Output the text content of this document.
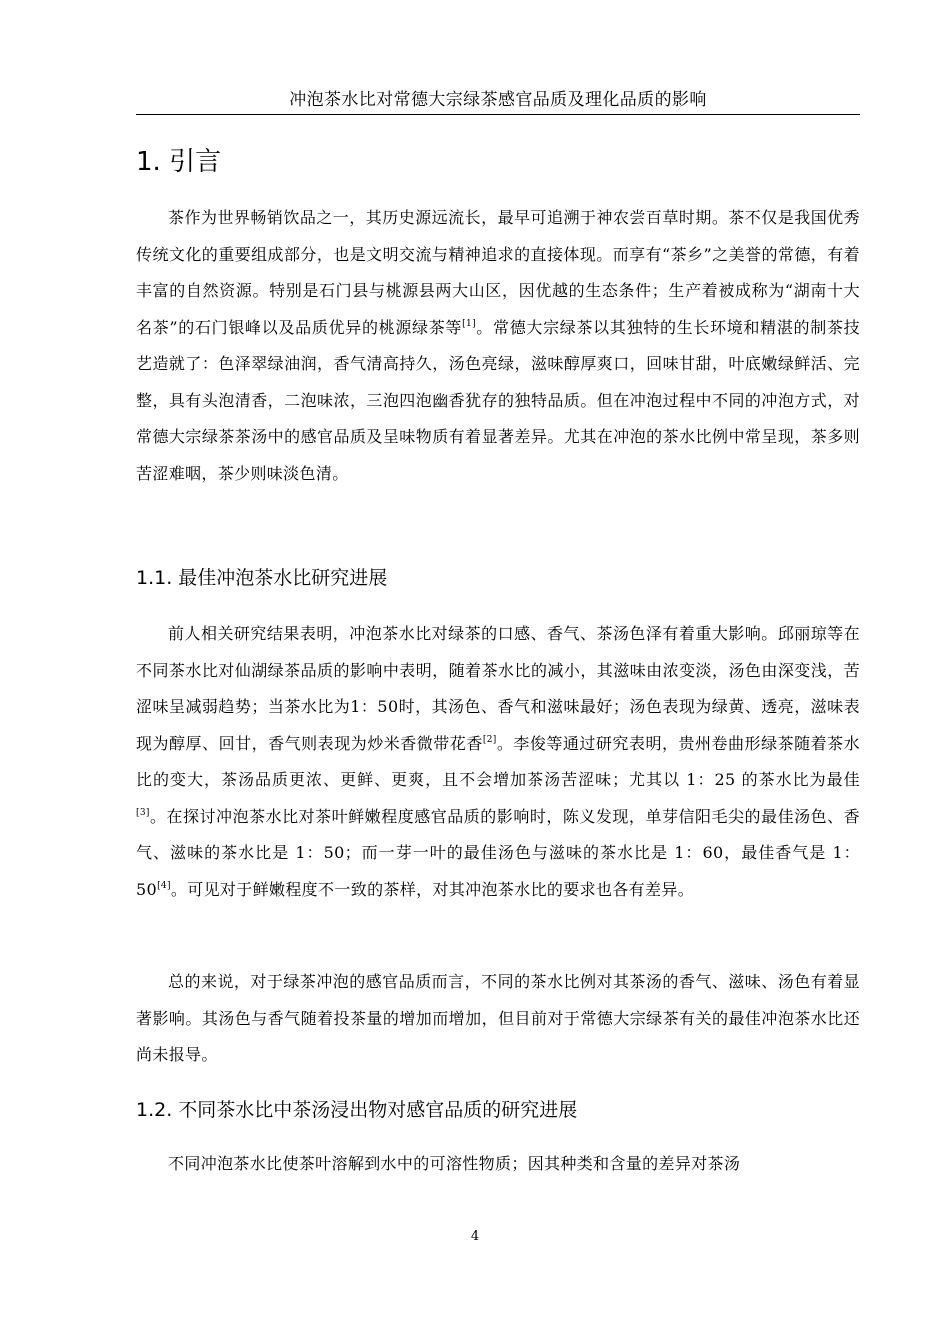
冲泡茶水比对常德大宗绿茶感官品质及理化品质的影响
1. 引言

茶作为世界畅销饮品之一，其历史源远流长，最早可追溯于神农尝百草时期。茶不仅是我国优秀传统文化的重要组成部分，也是文明交流与精神追求的直接体现。而享有“茶乡”之美誉的常德，有着丰富的自然资源。特别是石门县与桃源县两大山区，因优越的生态条件；生产着被成称为“湖南十大名茶”的石门银峰以及品质优异的桃源绿茶等[1]。常德大宗绿茶以其独特的生长环境和精湛的制茶技艺造就了：色泽翠绿油润，香气清高持久，汤色亮绿，滋味醇厚爽口，回味甘甜，叶底嫩绿鲜活、完整，具有头泡清香，二泡味浓，三泡四泡幽香犹存的独特品质。但在冲泡过程中不同的冲泡方式，对常德大宗绿茶茶汤中的感官品质及呈味物质有着显著差异。尤其在冲泡的茶水比例中常呈现，茶多则苦涩难咽，茶少则味淡色清。

1.1. 最佳冲泡茶水比研究进展

前人相关研究结果表明，冲泡茶水比对绿茶的口感、香气、茶汤色泽有着重大影响。邱丽琼等在不同茶水比对仙湖绿茶品质的影响中表明，随着茶水比的减小，其滋味由浓变淡，汤色由深变浅，苦涩味呈减弱趋势；当茶水比为1：50时，其汤色、香气和滋味最好；汤色表现为绿黄、透亮，滋味表现为醇厚、回甘，香气则表现为炒米香微带花香[2]。李俊等通过研究表明，贵州卷曲形绿茶随着茶水比的变大，茶汤品质更浓、更鲜、更爽，且不会增加茶汤苦涩味；尤其以 1：25 的茶水比为最佳[3]。在探讨冲泡茶水比对茶叶鲜嫩程度感官品质的影响时，陈义发现，单芽信阳毛尖的最佳汤色、香气、滋味的茶水比是 1：50；而一芽一叶的最佳汤色与滋味的茶水比是 1：60，最佳香气是 1：50[4]。可见对于鲜嫩程度不一致的茶样，对其冲泡茶水比的要求也各有差异。

总的来说，对于绿茶冲泡的感官品质而言，不同的茶水比例对其茶汤的香气、滋味、汤色有着显著影响。其汤色与香气随着投茶量的增加而增加，但目前对于常德大宗绿茶有关的最佳冲泡茶水比还尚未报导。

1.2. 不同茶水比中茶汤浸出物对感官品质的研究进展

不同冲泡茶水比使茶叶溶解到水中的可溶性物质；因其种类和含量的差异对茶汤

4
